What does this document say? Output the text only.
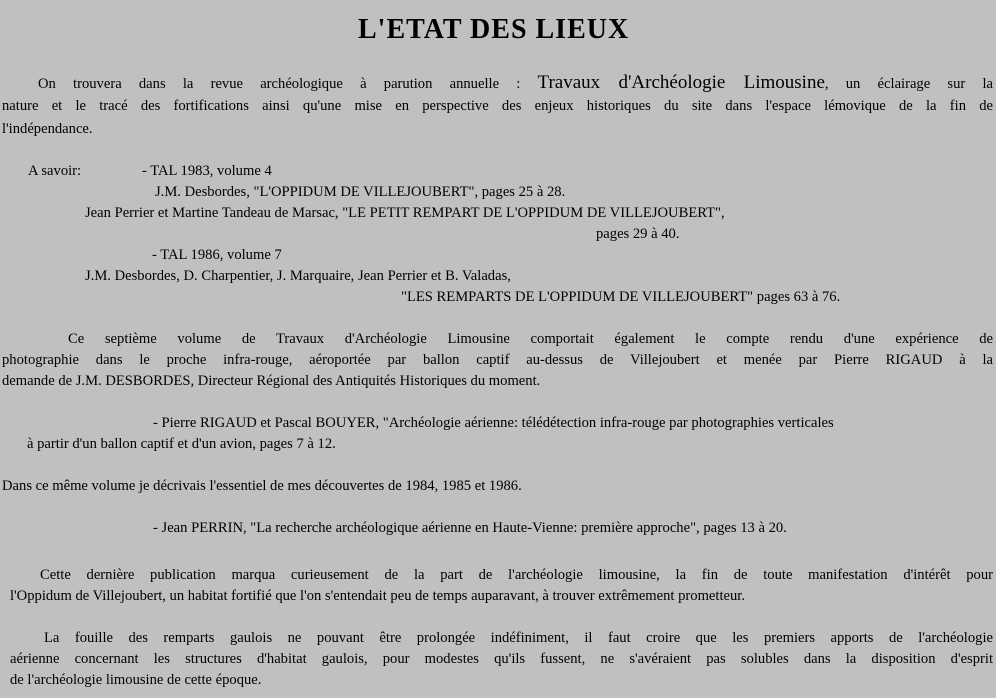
L'ETAT DES LIEUX

On trouvera dans la revue archéologique à parution annuelle : Travaux d'Archéologie Limousine, un éclairage sur la

nature et le tracé des fortifications ainsi qu'une mise en perspective des enjeux historiques du site dans l'espace lémovique de la fin de

l'indépendance.

A savoir:	- TAL 1983, volume 4

J.M. Desbordes, "L'OPPIDUM DE VILLEJOUBERT", pages 25 à 28.

Jean Perrier et Martine Tandeau de Marsac, "LE PETIT REMPART DE L'OPPIDUM DE VILLEJOUBERT",

pages 29 à 40.

- TAL 1986, volume 7

J.M. Desbordes, D. Charpentier, J. Marquaire, Jean Perrier et B. Valadas,

"LES REMPARTS DE L'OPPIDUM DE VILLEJOUBERT" pages 63 à 76.

Ce septième volume de Travaux d'Archéologie Limousine comportait également le compte rendu d'une expérience de

photographie dans le proche infra-rouge, aéroportée par ballon captif au-dessus de Villejoubert et menée par Pierre RIGAUD à la

demande de J.M. DESBORDES, Directeur Régional des Antiquités Historiques du moment.

- Pierre RIGAUD et Pascal BOUYER, "Archéologie aérienne: télédétection infra-rouge par photographies verticales

à partir d'un ballon captif et d'un avion, pages 7 à 12.

Dans ce même volume je décrivais l'essentiel de mes découvertes de 1984, 1985 et 1986.

- Jean PERRIN, "La recherche archéologique aérienne en Haute-Vienne: première approche", pages 13 à 20.

Cette dernière publication marqua curieusement de la part de l'archéologie limousine, la fin de toute manifestation d'intérêt pour

l'Oppidum de Villejoubert, un habitat fortifié que l'on s'entendait peu de temps auparavant, à trouver extrêmement prometteur.

La fouille des remparts gaulois ne pouvant être prolongée indéfiniment, il faut croire que les premiers apports de l'archéologie

aérienne concernant les structures d'habitat gaulois, pour modestes qu'ils fussent, ne s'avéraient pas solubles dans la disposition d'esprit

de l'archéologie limousine de cette époque.
